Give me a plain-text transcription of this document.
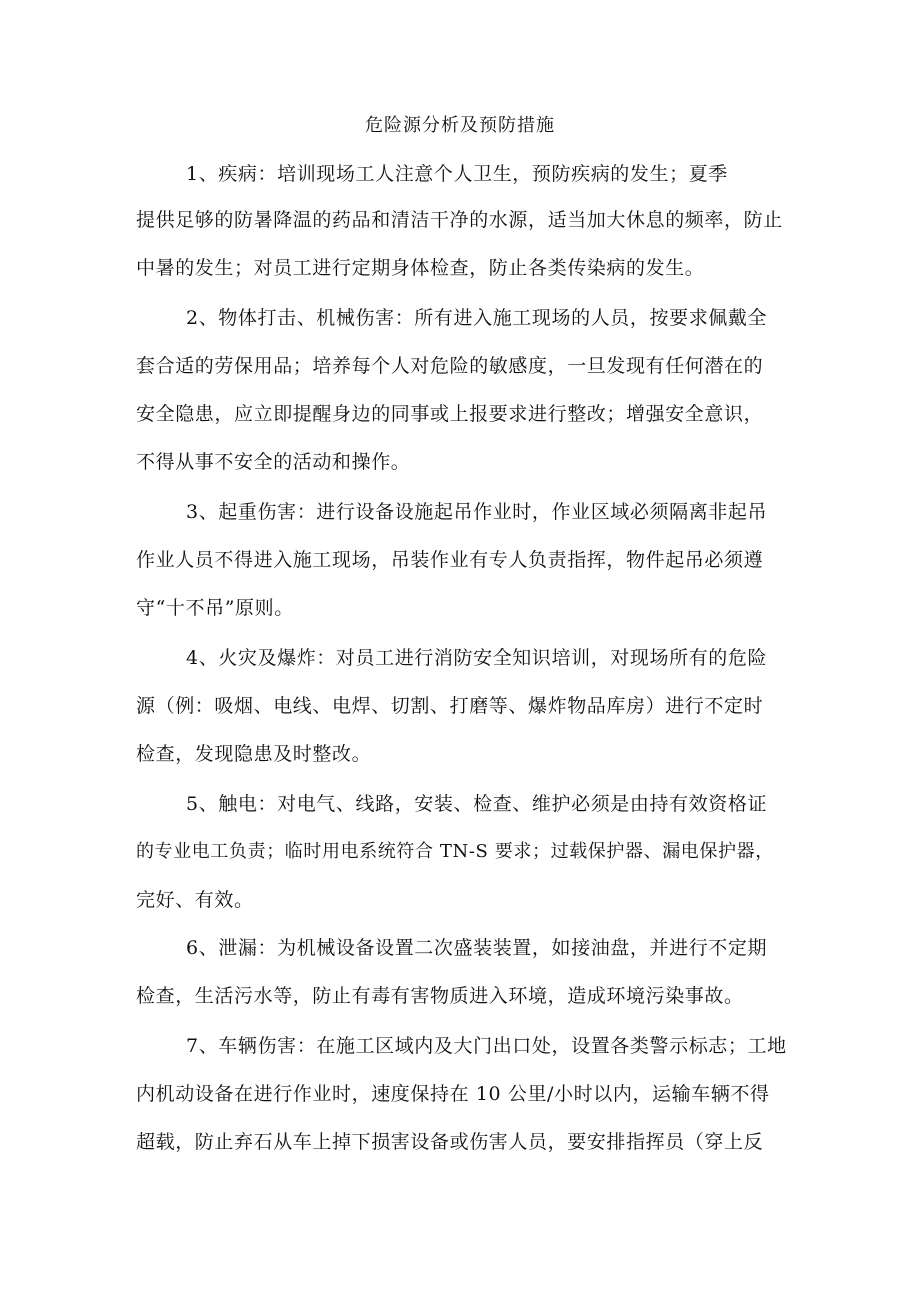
危险源分析及预防措施
1、疾病：培训现场工人注意个人卫生，预防疾病的发生；夏季
提供足够的防暑降温的药品和清洁干净的水源，适当加大休息的频率，防止
中暑的发生；对员工进行定期身体检查，防止各类传染病的发生。
2、物体打击、机械伤害：所有进入施工现场的人员，按要求佩戴全
套合适的劳保用品；培养每个人对危险的敏感度，一旦发现有任何潜在的
安全隐患，应立即提醒身边的同事或上报要求进行整改；增强安全意识，
不得从事不安全的活动和操作。
3、起重伤害：进行设备设施起吊作业时，作业区域必须隔离非起吊
作业人员不得进入施工现场，吊装作业有专人负责指挥，物件起吊必须遵
守“十不吊”原则。
4、火灾及爆炸：对员工进行消防安全知识培训，对现场所有的危险
源（例：吸烟、电线、电焊、切割、打磨等、爆炸物品库房）进行不定时
检查，发现隐患及时整改。
5、触电：对电气、线路，安装、检查、维护必须是由持有效资格证
的专业电工负责；临时用电系统符合 TN-S 要求；过载保护器、漏电保护器，
完好、有效。
6、泄漏：为机械设备设置二次盛装装置，如接油盘，并进行不定期
检查，生活污水等，防止有毒有害物质进入环境，造成环境污染事故。
7、车辆伤害：在施工区域内及大门出口处，设置各类警示标志；工地
内机动设备在进行作业时，速度保持在 10 公里/小时以内，运输车辆不得
超载，防止弃石从车上掉下损害设备或伤害人员，要安排指挥员（穿上反
